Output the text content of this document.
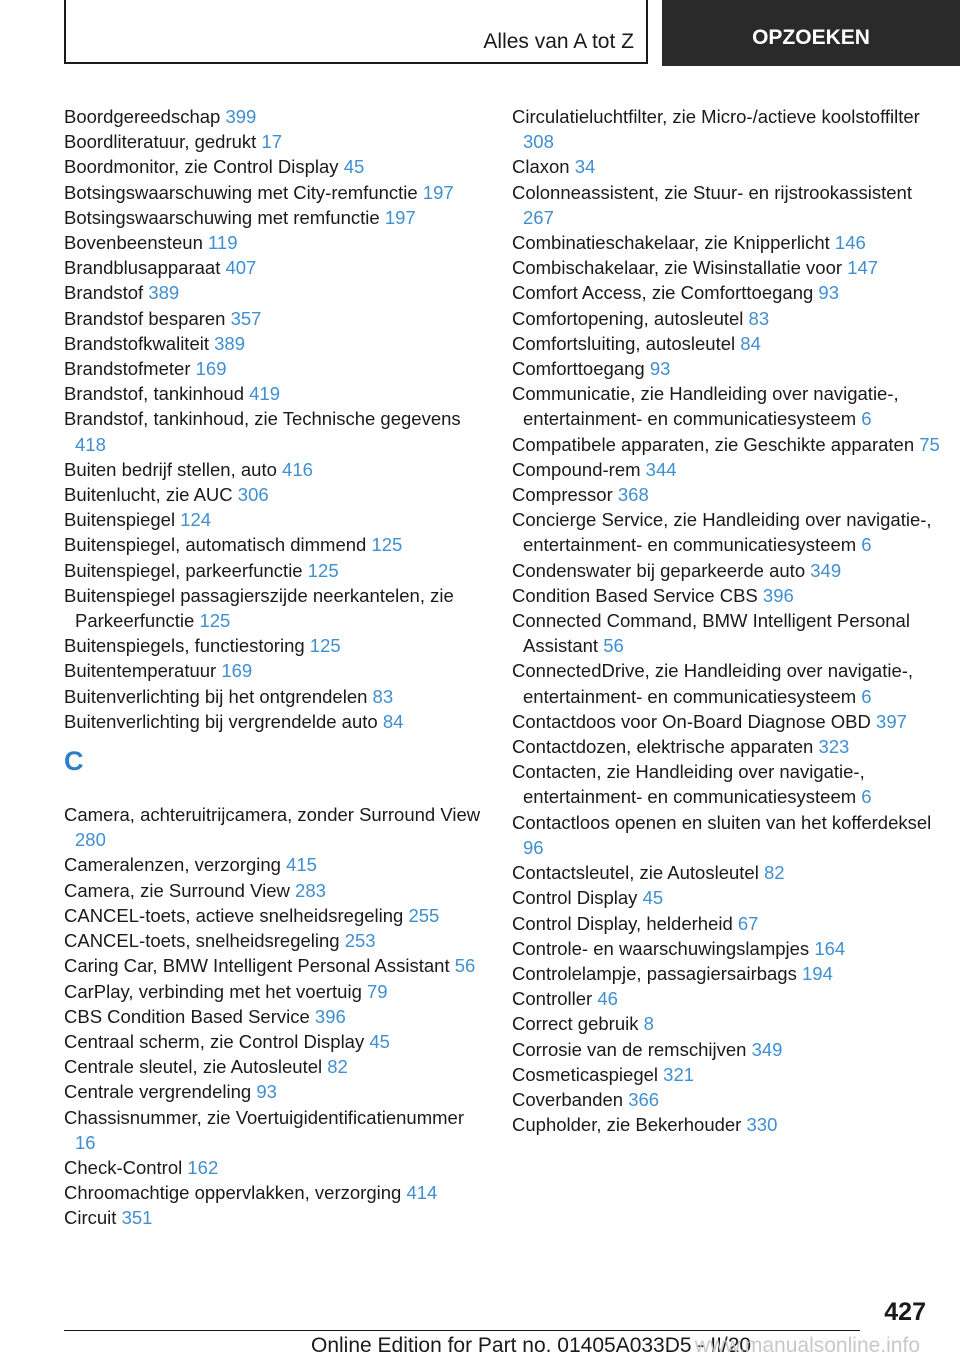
Alles van A tot Z	OPZOEKEN

Boordgereedschap 399

Boordliteratuur, gedrukt 17

Boordmonitor, zie Control Display 45

Botsingswaarschuwing met City-remfunctie 197

Botsingswaarschuwing met remfunctie 197

Bovenbeensteun 119

Brandblusapparaat 407

Brandstof 389

Brandstof besparen 357

Brandstofkwaliteit 389

Brandstofmeter 169

Brandstof, tankinhoud 419

Brandstof, tankinhoud, zie Technische gegevens 418

Buiten bedrijf stellen, auto 416

Buitenlucht, zie AUC 306

Buitenspiegel 124

Buitenspiegel, automatisch dimmend 125

Buitenspiegel, parkeerfunctie 125

Buitenspiegel passagierszijde neerkantelen, zie Parkeerfunctie 125

Buitenspiegels, functiestoring 125

Buitentemperatuur 169

Buitenverlichting bij het ontgrendelen 83

Buitenverlichting bij vergrendelde auto 84

C

Camera, achteruitrijcamera, zonder Surround View 280

Cameralenzen, verzorging 415

Camera, zie Surround View 283

CANCEL-toets, actieve snelheidsregeling 255

CANCEL-toets, snelheidsregeling 253

Caring Car, BMW Intelligent Personal Assistant 56

CarPlay, verbinding met het voertuig 79

CBS Condition Based Service 396

Centraal scherm, zie Control Display 45

Centrale sleutel, zie Autosleutel 82

Centrale vergrendeling 93

Chassisnummer, zie Voertuigidentificatienummer 16

Check-Control 162

Chroomachtige oppervlakken, verzorging 414

Circuit 351

Circulatieluchtfilter, zie Micro-/actieve koolstoffilter 308

Claxon 34

Colonneassistent, zie Stuur- en rijstrookassistent 267

Combinatieschakelaar, zie Knipperlicht 146

Combischakelaar, zie Wisinstallatie voor 147

Comfort Access, zie Comforttoegang 93

Comfortopening, autosleutel 83

Comfortsluiting, autosleutel 84

Comforttoegang 93

Communicatie, zie Handleiding over navigatie-, entertainment- en communicatiesysteem 6

Compatibele apparaten, zie Geschikte apparaten 75

Compound-rem 344

Compressor 368

Concierge Service, zie Handleiding over navigatie-, entertainment- en communicatiesysteem 6

Condenswater bij geparkeerde auto 349

Condition Based Service CBS 396

Connected Command, BMW Intelligent Personal Assistant 56

ConnectedDrive, zie Handleiding over navigatie-, entertainment- en communicatiesysteem 6

Contactdoos voor On-Board Diagnose OBD 397

Contactdozen, elektrische apparaten 323

Contacten, zie Handleiding over navigatie-, entertainment- en communicatiesysteem 6

Contactloos openen en sluiten van het kofferdeksel 96

Contactsleutel, zie Autosleutel 82

Control Display 45

Control Display, helderheid 67

Controle- en waarschuwingslampjes 164

Controlelampje, passagiersairbags 194

Controller 46

Correct gebruik 8

Corrosie van de remschijven 349

Cosmeticaspiegel 321

Coverbanden 366

Cupholder, zie Bekerhouder 330

427
Online Edition for Part no. 01405A033D5 - II/20
www.manualsonline.info
